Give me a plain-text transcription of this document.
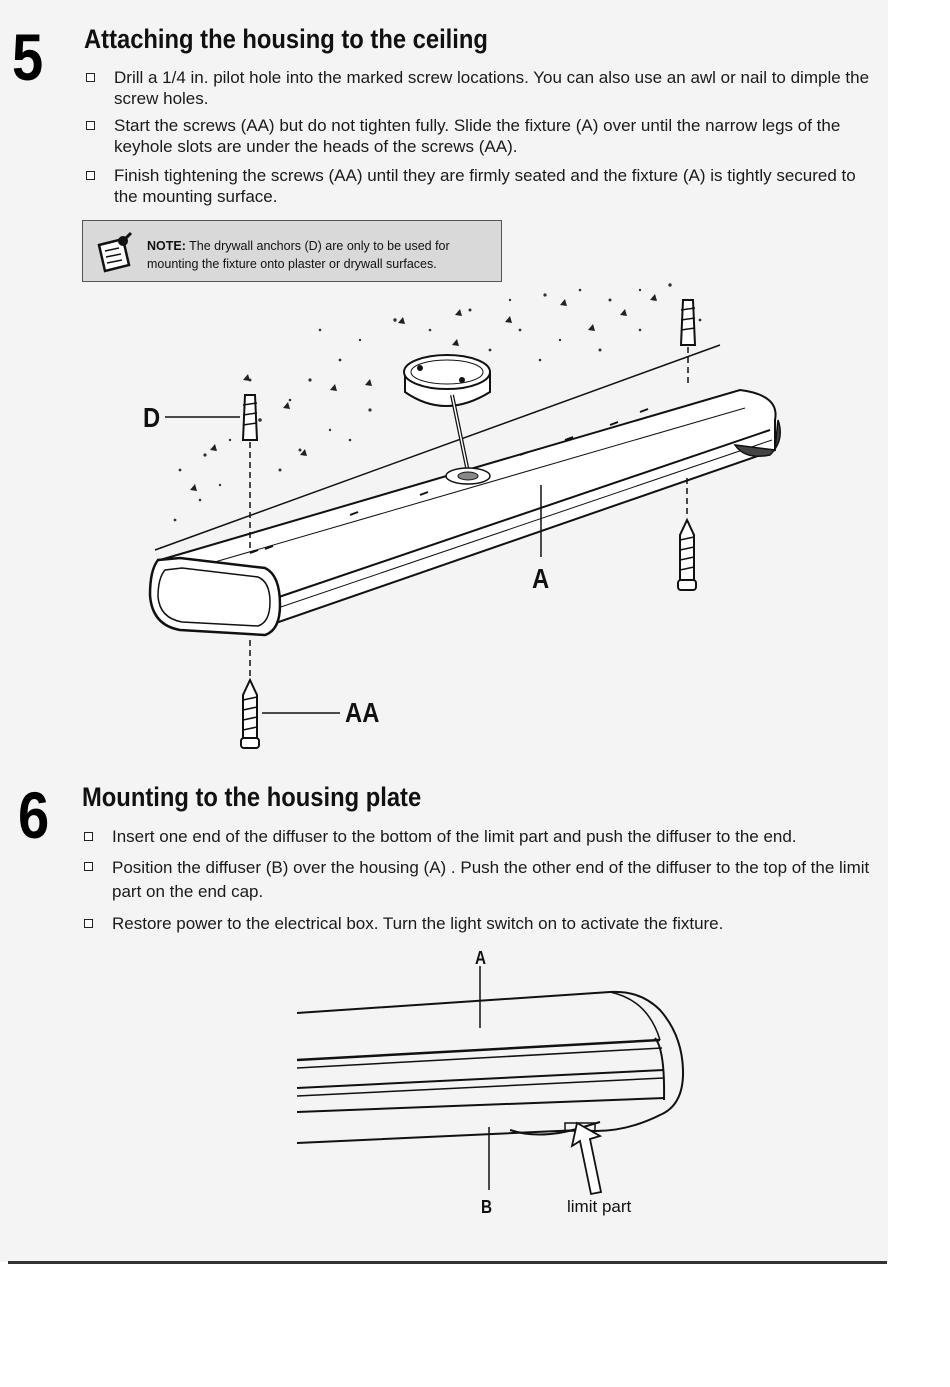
5 Attaching the housing to the ceiling
Drill a 1/4 in. pilot hole into the marked screw locations. You can also use an awl or nail to dimple the screw holes.
Start the screws (AA) but do not tighten fully. Slide the fixture (A) over until the narrow legs of the keyhole slots are under the heads of the screws (AA).
Finish tightening the screws (AA) until they are firmly seated and the fixture (A) is tightly secured to the mounting surface.
NOTE: The drywall anchors (D) are only to be used for mounting the fixture onto plaster or drywall surfaces.
D
A
AA
6 Mounting to the housing plate
Insert one end of the diffuser to the bottom of the limit part and push the diffuser to the end.
Position the diffuser (B) over the housing (A) . Push the other end of the diffuser to the top of the limit part on the end cap.
Restore power to the electrical box. Turn the light switch on to activate the fixture.
A
B	limit part
